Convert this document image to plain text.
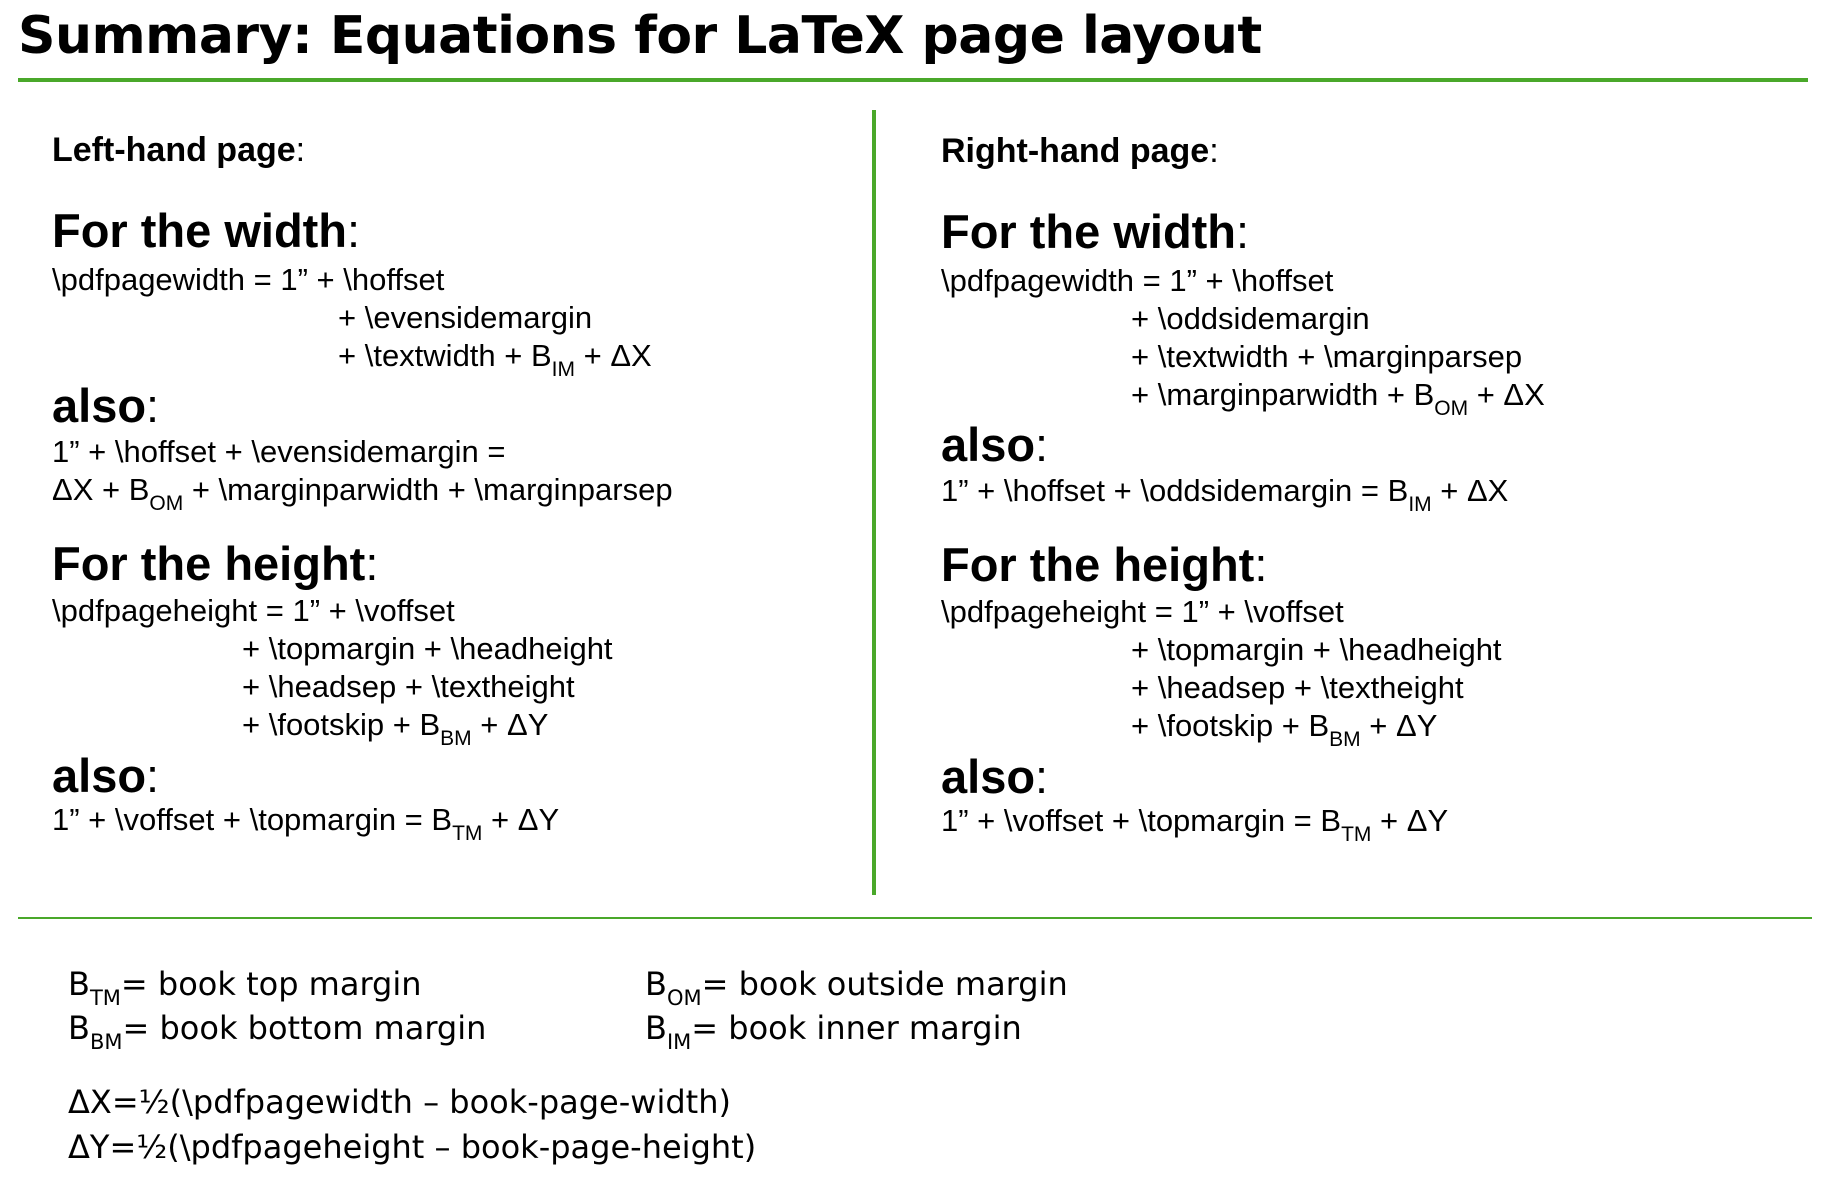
Summary: Equations for LaTeX page layout
Left-hand page:
For the width:
\pdfpagewidth = 1” + \hoffset
+ \evensidemargin
+ \textwidth + $B_{IM} + \Delta X$
also:
1” + \hoffset + \evensidemargin =
$\Delta X + B_{OM}$ + \marginparwidth + \marginparsep
For the height:
\pdfpageheight = 1” + \voffset
+ \topmargin + \headheight
+ \headsep + \textheight
+ \footskip + $B_{BM} + \Delta Y$
also:
1” + \voffset + \topmargin = $B_{TM} + \Delta Y$
Right-hand page:
For the width:
\pdfpagewidth = 1” + \hoffset
+ \oddsidemargin
+ \textwidth + \marginparsep
+ \marginparwidth + $B_{OM} + \Delta X$
also:
1” + \hoffset + \oddsidemargin = $B_{IM} + \Delta X$
For the height:
\pdfpageheight = 1” + \voffset
+ \topmargin + \headheight
+ \headsep + \textheight
+ \footskip + $B_{BM} + \Delta Y$
also:
1” + \voffset + \topmargin = $B_{TM} + \Delta Y$
$B_{TM}=$ book top margin
$B_{BM}=$ book bottom margin
$B_{OM}=$ book outside margin
$B_{IM}=$ book inner margin
ΔX=½(\pdfpagewidth – book-page-width)
ΔY=½(\pdfpageheight – book-page-height)
